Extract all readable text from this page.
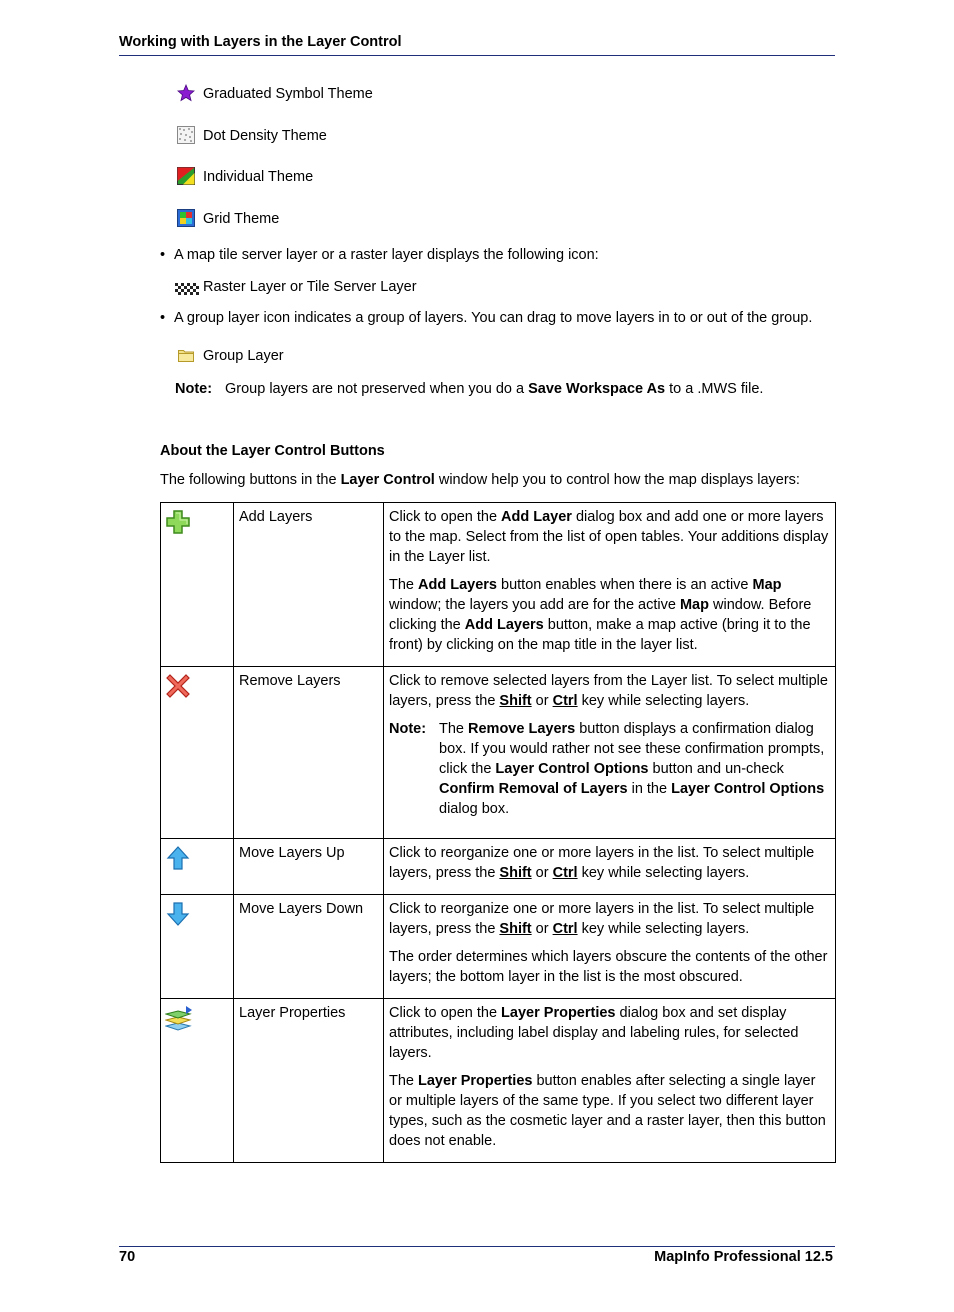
Working with Layers in the Layer Control
Graduated Symbol Theme
Dot Density Theme
Individual Theme
Grid Theme
• A map tile server layer or a raster layer displays the following icon:
Raster Layer or Tile Server Layer
• A group layer icon indicates a group of layers. You can drag to move layers in to or out of the group.
Group Layer
Note: Group layers are not preserved when you do a Save Workspace As to a .MWS file.
About the Layer Control Buttons
The following buttons in the Layer Control window help you to control how the map displays layers:
	Add Layers	Click to open the Add Layer dialog box and add one or more layers to the map. Select from the list of open tables. Your additions display in the Layer list.

The Add Layers button enables when there is an active Map window; the layers you add are for the active Map window. Before clicking the Add Layers button, make a map active (bring it to the front) by clicking on the map title in the layer list.

	Remove Layers	Click to remove selected layers from the Layer list. To select multiple layers, press the Shift or Ctrl key while selecting layers.

Note: The Remove Layers button displays a confirmation dialog box. If you would rather not see these confirmation prompts, click the Layer Control Options button and un-check Confirm Removal of Layers in the Layer Control Options dialog box.

	Move Layers Up	Click to reorganize one or more layers in the list. To select multiple layers, press the Shift or Ctrl key while selecting layers.

	Move Layers Down	Click to reorganize one or more layers in the list. To select multiple layers, press the Shift or Ctrl key while selecting layers.

The order determines which layers obscure the contents of the other layers; the bottom layer in the list is the most obscured.

	Layer Properties	Click to open the Layer Properties dialog box and set display attributes, including label display and labeling rules, for selected layers.

The Layer Properties button enables after selecting a single layer or multiple layers of the same type. If you select two different layer types, such as the cosmetic layer and a raster layer, then this button does not enable.

70	MapInfo Professional 12.5
